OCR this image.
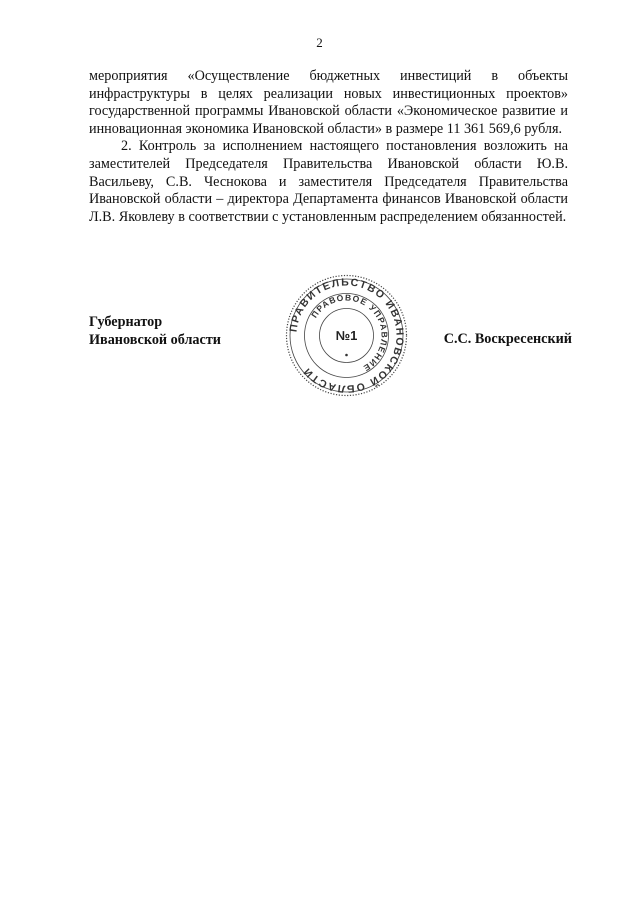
2

мероприятия «Осуществление бюджетных инвестиций в объекты инфраструктуры в целях реализации новых инвестиционных проектов» государственной программы Ивановской области «Экономическое развитие и инновационная экономика Ивановской области» в размере 11 361 569,6 рубля.

2. Контроль за исполнением настоящего постановления возложить на заместителей Председателя Правительства Ивановской области Ю.В. Васильеву, С.В. Чеснокова и заместителя Председателя Правительства Ивановской области – директора Департамента финансов Ивановской области Л.В. Яковлеву в соответствии с установленным распределением обязанностей.

Губернатор
Ивановской области
ПРАВИТЕЛЬСТВО ИВАНОВСКОЙ ОБЛАСТИ
ПРАВОВОЕ УПРАВЛЕНИЕ
№1	С.С. Воскресенский
